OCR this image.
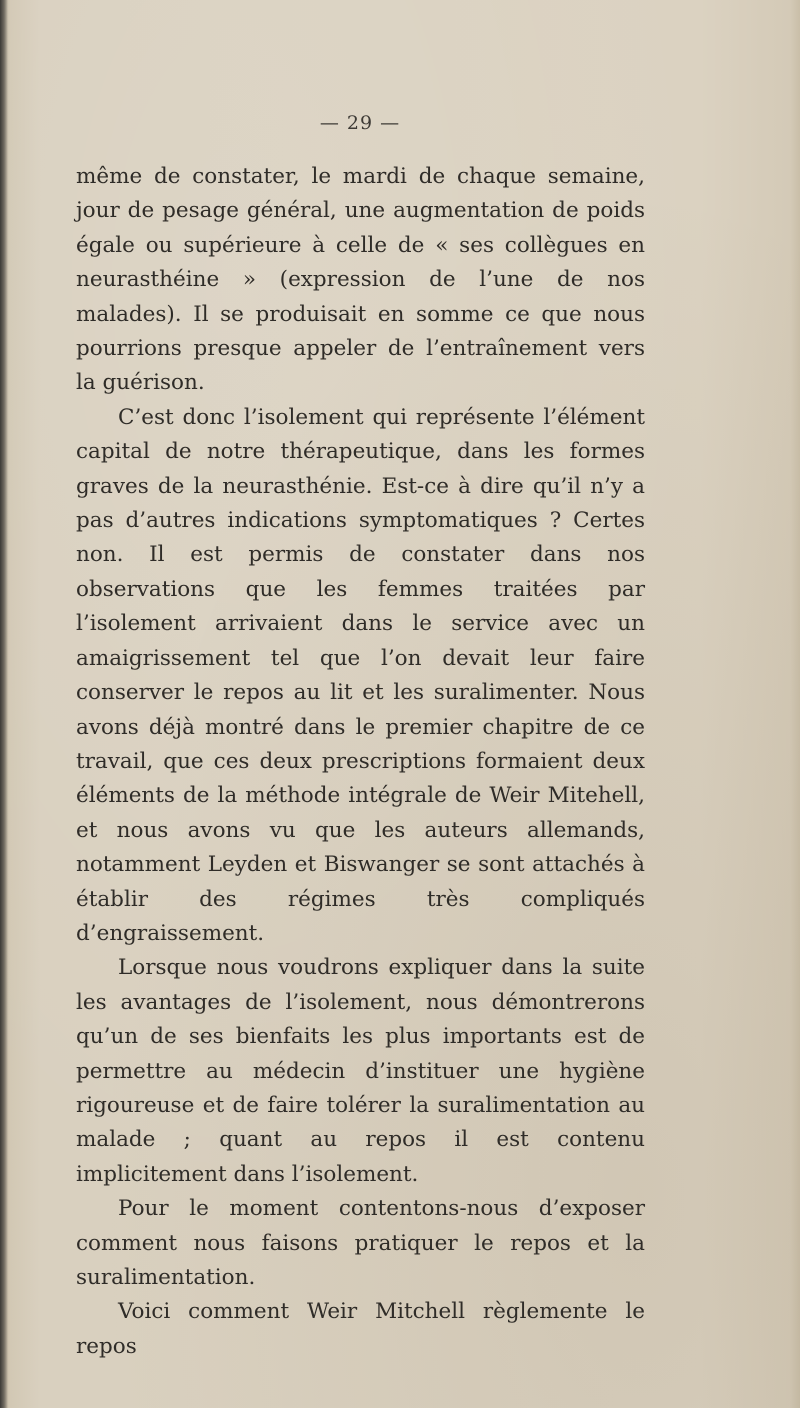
— 29 —

même de constater, le mardi de chaque semaine, jour de pesage général, une augmentation de poids égale ou supérieure à celle de « ses collègues en neurasthéine » (expression de l’une de nos malades). Il se produisait en somme ce que nous pourrions presque appeler de l’entraînement vers la guérison.

C’est donc l’isolement qui représente l’élément capital de notre thérapeutique, dans les formes graves de la neurasthénie. Est-ce à dire qu’il n’y a pas d’autres indications symptomatiques ? Certes non. Il est permis de constater dans nos observations que les femmes traitées par l’isolement arrivaient dans le service avec un amaigrissement tel que l’on devait leur faire conserver le repos au lit et les suralimenter. Nous avons déjà montré dans le premier chapitre de ce travail, que ces deux prescriptions formaient deux éléments de la méthode intégrale de Weir Mitehell, et nous avons vu que les auteurs allemands, notamment Leyden et Biswanger se sont attachés à établir des régimes très compliqués d’engraissement.

Lorsque nous voudrons expliquer dans la suite les avantages de l’isolement, nous démontrerons qu’un de ses bienfaits les plus importants est de permettre au médecin d’instituer une hygiène rigoureuse et de faire tolérer la suralimentation au malade ; quant au repos il est contenu implicitement dans l’isolement.

Pour le moment contentons-nous d’exposer comment nous faisons pratiquer le repos et la suralimentation.

Voici comment Weir Mitchell règlemente le repos
